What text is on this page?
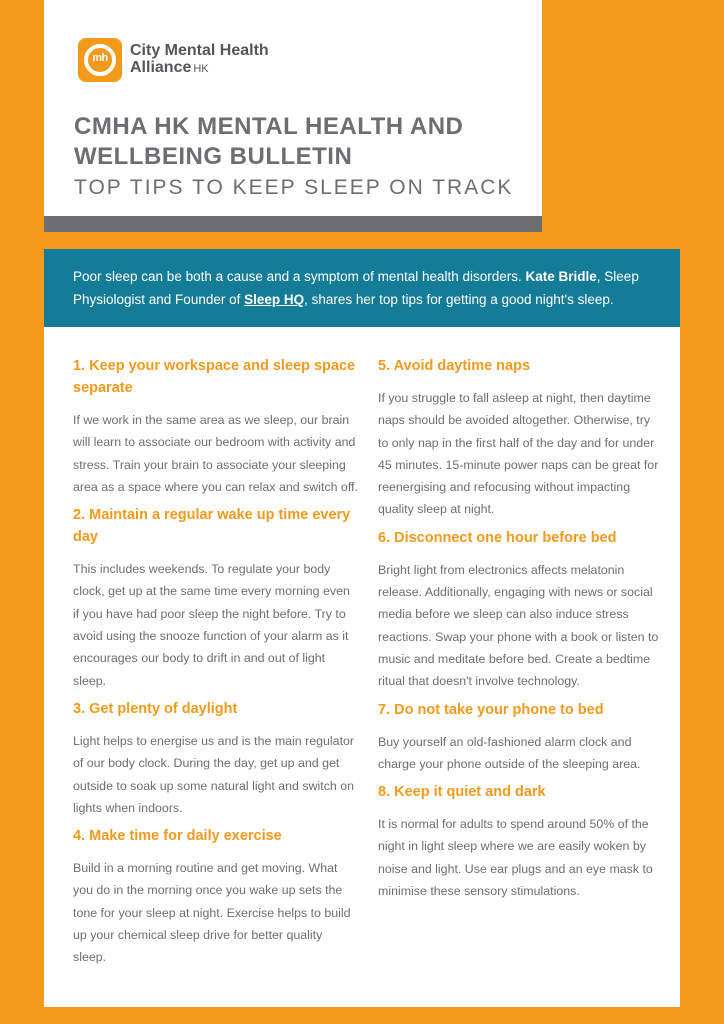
mh	City Mental Health
Alliance HK
CMHA HK MENTAL HEALTH AND WELLBEING BULLETIN
TOP TIPS TO KEEP SLEEP ON TRACK
Poor sleep can be both a cause and a symptom of mental health disorders. Kate Bridle, Sleep Physiologist and Founder of Sleep HQ, shares her top tips for getting a good night's sleep.
1. Keep your workspace and sleep space separate

If we work in the same area as we sleep, our brain will learn to associate our bedroom with activity and stress. Train your brain to associate your sleeping area as a space where you can relax and switch off.

2. Maintain a regular wake up time every day

This includes weekends. To regulate your body clock, get up at the same time every morning even if you have had poor sleep the night before. Try to avoid using the snooze function of your alarm as it encourages our body to drift in and out of light sleep.

3. Get plenty of daylight

Light helps to energise us and is the main regulator of our body clock. During the day, get up and get outside to soak up some natural light and switch on lights when indoors.

4. Make time for daily exercise

Build in a morning routine and get moving. What you do in the morning once you wake up sets the tone for your sleep at night. Exercise helps to build up your chemical sleep drive for better quality sleep.

5. Avoid daytime naps

If you struggle to fall asleep at night, then daytime naps should be avoided altogether. Otherwise, try to only nap in the first half of the day and for under 45 minutes. 15-minute power naps can be great for reenergising and refocusing without impacting quality sleep at night.

6. Disconnect one hour before bed

Bright light from electronics affects melatonin release. Additionally, engaging with news or social media before we sleep can also induce stress reactions. Swap your phone with a book or listen to music and meditate before bed. Create a bedtime ritual that doesn't involve technology.

7. Do not take your phone to bed

Buy yourself an old-fashioned alarm clock and charge your phone outside of the sleeping area.

8. Keep it quiet and dark

It is normal for adults to spend around 50% of the night in light sleep where we are easily woken by noise and light. Use ear plugs and an eye mask to minimise these sensory stimulations.
